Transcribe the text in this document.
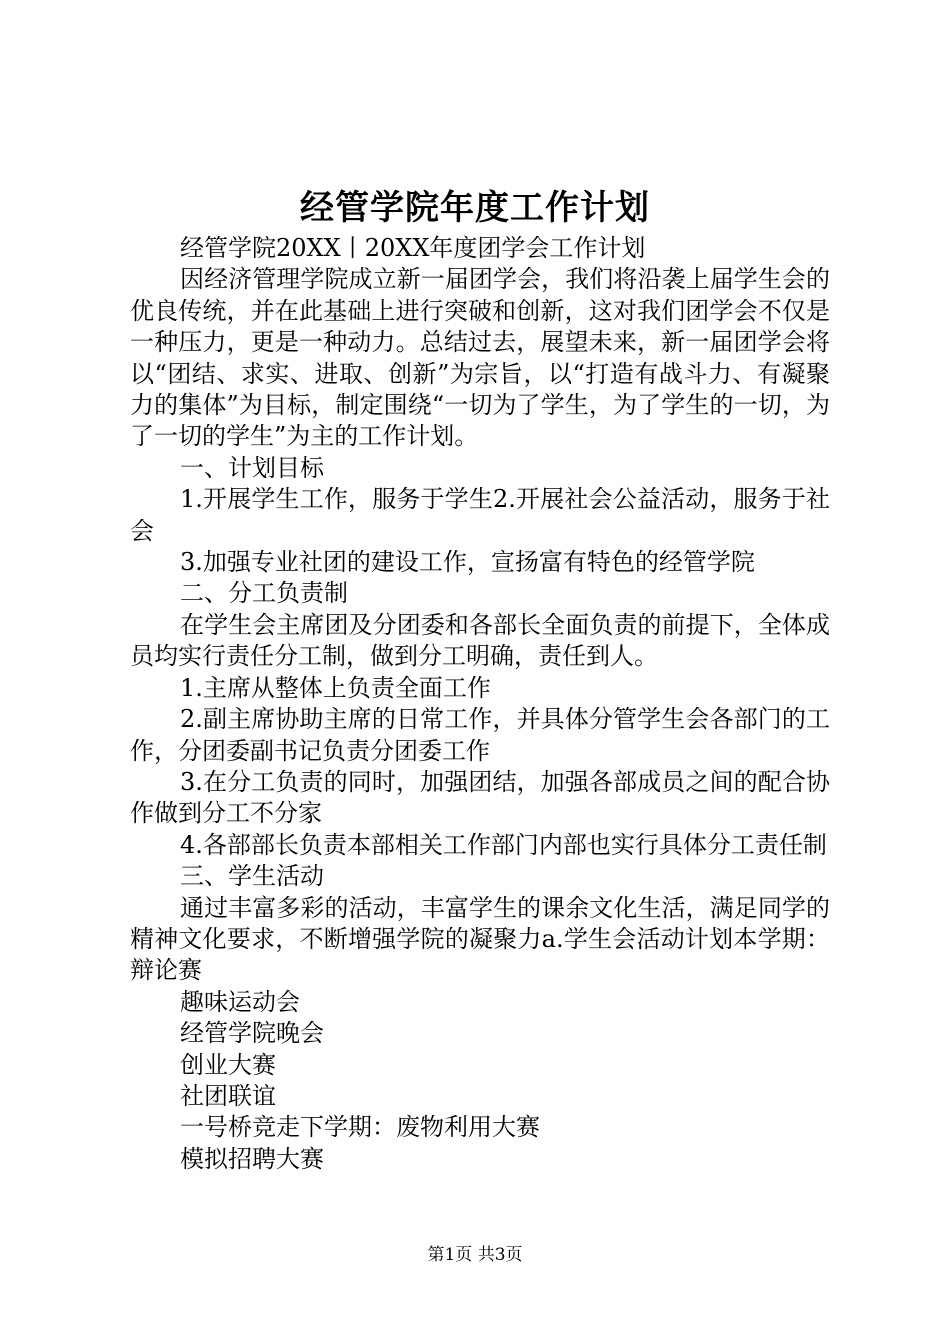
经管学院年度工作计划

经管学院20XX丨20XX年度团学会工作计划

因经济管理学院成立新一届团学会，我们将沿袭上届学生会的优良传统，并在此基础上进行突破和创新，这对我们团学会不仅是一种压力，更是一种动力。总结过去，展望未来，新一届团学会将以“团结、求实、进取、创新”为宗旨，以“打造有战斗力、有凝聚力的集体”为目标，制定围绕“一切为了学生，为了学生的一切，为了一切的学生”为主的工作计划。

一、计划目标

1.开展学生工作，服务于学生2.开展社会公益活动，服务于社会

3.加强专业社团的建设工作，宣扬富有特色的经管学院

二、分工负责制

在学生会主席团及分团委和各部长全面负责的前提下，全体成员均实行责任分工制，做到分工明确，责任到人。

1.主席从整体上负责全面工作

2.副主席协助主席的日常工作，并具体分管学生会各部门的工作，分团委副书记负责分团委工作

3.在分工负责的同时，加强团结，加强各部成员之间的配合协作做到分工不分家

4.各部部长负责本部相关工作部门内部也实行具体分工责任制

三、学生活动

通过丰富多彩的活动，丰富学生的课余文化生活，满足同学的精神文化要求，不断增强学院的凝聚力a.学生会活动计划本学期：辩论赛

趣味运动会

经管学院晚会

创业大赛

社团联谊

一号桥竞走下学期：废物利用大赛

模拟招聘大赛

第1页 共3页
